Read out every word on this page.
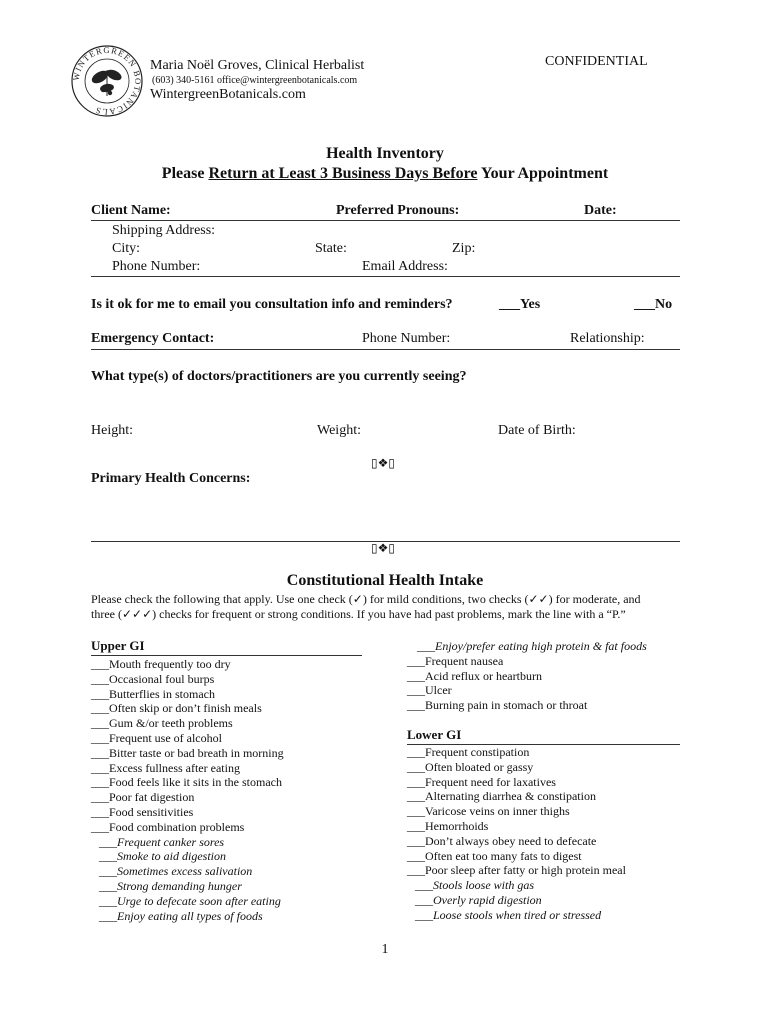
WINTERGREEN BOTANICALS
Maria Noël Groves, Clinical Herbalist
(603) 340-5161 office@wintergreenbotanicals.com
WintergreenBotanicals.com
CONFIDENTIAL
Health Inventory
Please Return at Least 3 Business Days Before Your Appointment
Client Name:	Preferred Pronouns:	Date:
Shipping Address:
City:	State:	Zip:
Phone Number:	Email Address:
Is it ok for me to email you consultation info and reminders?	___Yes	___No
Emergency Contact:	Phone Number:	Relationship:
What type(s) of doctors/practitioners are you currently seeing?
Height:	Weight:	Date of Birth:
▯❖▯
Primary Health Concerns:
▯❖▯
Constitutional Health Intake
Please check the following that apply. Use one check (✓) for mild conditions, two checks (✓✓) for moderate, and
three (✓✓✓) checks for frequent or strong conditions. If you have had past problems, mark the line with a “P.”
Upper GI
___Mouth frequently too dry
___Occasional foul burps
___Butterflies in stomach
___Often skip or don’t finish meals
___Gum &/or teeth problems
___Frequent use of alcohol
___Bitter taste or bad breath in morning
___Excess fullness after eating
___Food feels like it sits in the stomach
___Poor fat digestion
___Food sensitivities
___Food combination problems
___Frequent canker sores
___Smoke to aid digestion
___Sometimes excess salivation
___Strong demanding hunger
___Urge to defecate soon after eating
___Enjoy eating all types of foods
___Enjoy/prefer eating high protein & fat foods
___Frequent nausea
___Acid reflux or heartburn
___Ulcer
___Burning pain in stomach or throat
Lower GI
___Frequent constipation
___Often bloated or gassy
___Frequent need for laxatives
___Alternating diarrhea & constipation
___Varicose veins on inner thighs
___Hemorrhoids
___Don’t always obey need to defecate
___Often eat too many fats to digest
___Poor sleep after fatty or high protein meal
___Stools loose with gas
___Overly rapid digestion
___Loose stools when tired or stressed
1
